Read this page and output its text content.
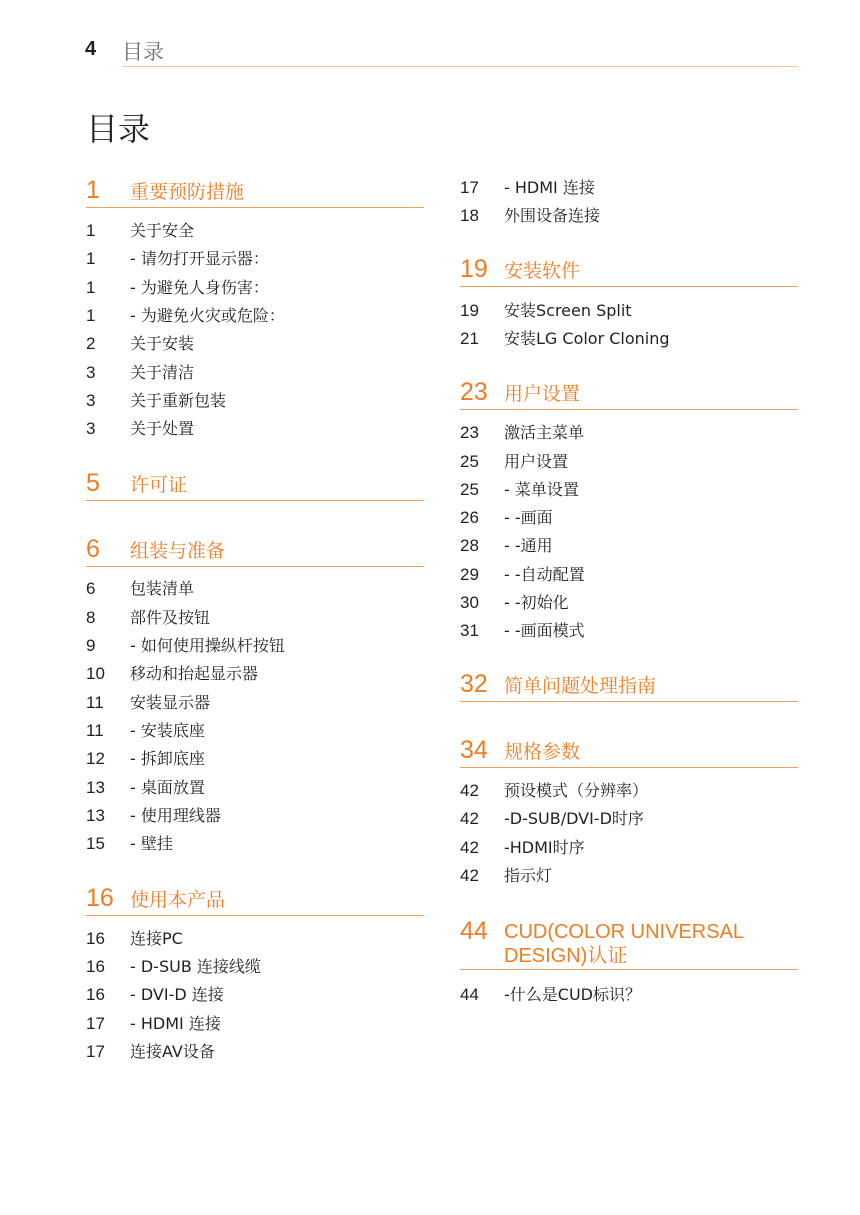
4 目录
目录
1 重要预防措施
1	关于安全
1	- 请勿打开显示器：
1	- 为避免人身伤害：
1	- 为避免火灾或危险：
2	关于安装
3	关于清洁
3	关于重新包装
3	关于处置
5 许可证
6 组装与准备
6	包装清单
8	部件及按钮
9	- 如何使用操纵杆按钮
10	移动和抬起显示器
11	安装显示器
11	- 安装底座
12	- 拆卸底座
13	- 桌面放置
13	- 使用理线器
15	- 壁挂
16 使用本产品
16	连接PC
16	- D-SUB 连接线缆
16	- DVI-D 连接
17	- HDMI 连接
17	连接AV设备
17	- HDMI 连接
18	外围设备连接
19 安装软件
19	安装Screen Split
21	安装LG Color Cloning
23 用户设置
23	激活主菜单
25	用户设置
25	- 菜单设置
26	- -画面
28	- -通用
29	- -自动配置
30	- -初始化
31	- -画面模式
32 简单问题处理指南
34 规格参数
42	预设模式（分辨率）
42	-D-SUB/DVI-D时序
42	-HDMI时序
42	指示灯
44 CUD(COLOR UNIVERSAL DESIGN)认证
44	-什么是CUD标识？
